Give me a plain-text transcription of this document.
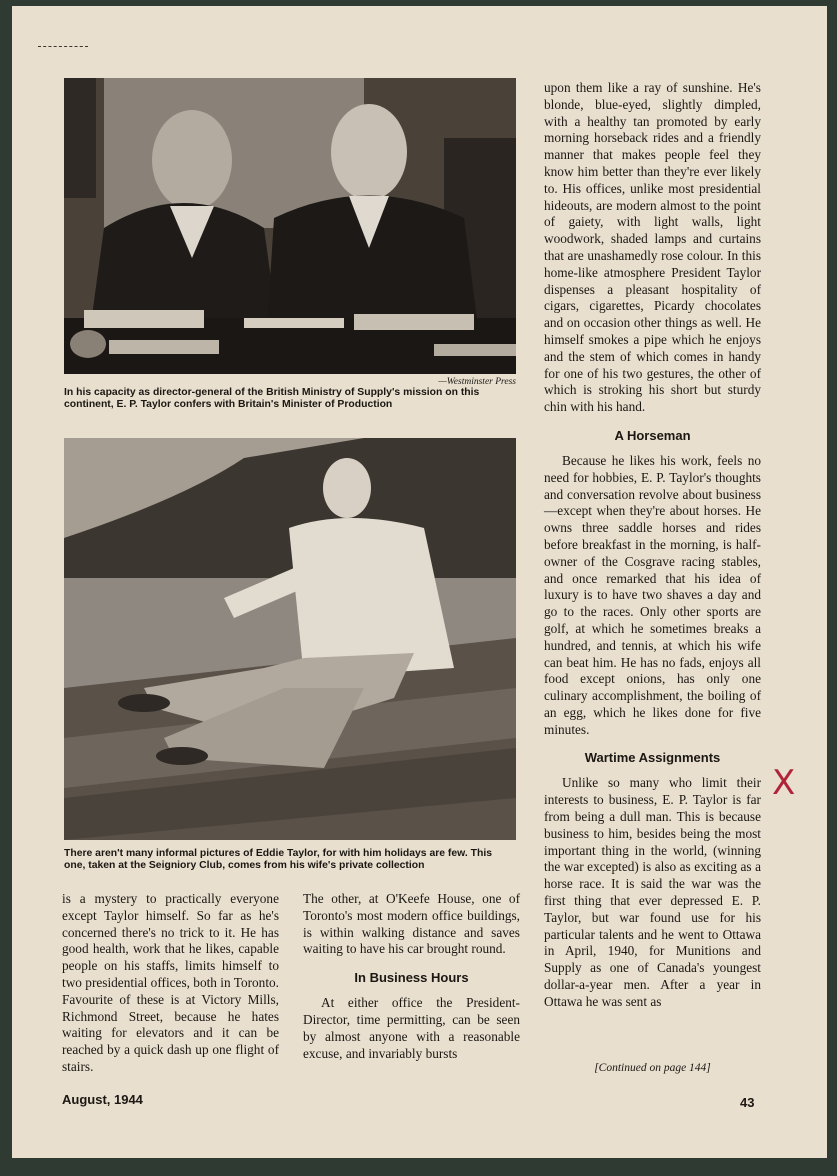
—Westminster Press
In his capacity as director-general of the British Ministry of Supply's mission on this continent, E. P. Taylor confers with Britain's Minister of Production
There aren't many informal pictures of Eddie Taylor, for with him holidays are few. This one, taken at the Seigniory Club, comes from his wife's private collection

is a mystery to practically everyone except Taylor himself. So far as he's concerned there's no trick to it. He has good health, work that he likes, capable people on his staffs, limits himself to two presidential offices, both in Toronto. Favourite of these is at Victory Mills, Richmond Street, because he hates waiting for elevators and it can be reached by a quick dash up one flight of stairs.

The other, at O'Keefe House, one of Toronto's most modern office buildings, is within walking distance and saves waiting to have his car brought round.

In Business Hours

At either office the President-Director, time permitting, can be seen by almost anyone with a reasonable excuse, and invariably bursts

upon them like a ray of sunshine. He's blonde, blue-eyed, slightly dimpled, with a healthy tan promoted by early morning horseback rides and a friendly manner that makes people feel they know him better than they're ever likely to. His offices, unlike most presidential hideouts, are modern almost to the point of gaiety, with light walls, light woodwork, shaded lamps and curtains that are unashamedly rose colour. In this home-like atmosphere President Taylor dispenses a pleasant hospitality of cigars, cigarettes, Picardy chocolates and on occasion other things as well. He himself smokes a pipe which he enjoys and the stem of which comes in handy for one of his two gestures, the other of which is stroking his short but sturdy chin with his hand.

A Horseman

Because he likes his work, feels no need for hobbies, E. P. Taylor's thoughts and conversation revolve about business—except when they're about horses. He owns three saddle horses and rides before breakfast in the morning, is half-owner of the Cosgrave racing stables, and once remarked that his idea of luxury is to have two shaves a day and go to the races. Only other sports are golf, at which he sometimes breaks a hundred, and tennis, at which his wife can beat him. He has no fads, enjoys all food except onions, has only one culinary accomplishment, the boiling of an egg, which he likes done for five minutes.

Wartime Assignments

Unlike so many who limit their interests to business, E. P. Taylor is far from being a dull man. This is because business to him, besides being the most important thing in the world, (winning the war excepted) is also as exciting as a horse race. It is said the war was the first thing that ever depressed E. P. Taylor, but war found use for his particular talents and he went to Ottawa in April, 1940, for Munitions and Supply as one of Canada's youngest dollar-a-year men. After a year in Ottawa he was sent as

[Continued on page 144]
X
August, 1944	43
